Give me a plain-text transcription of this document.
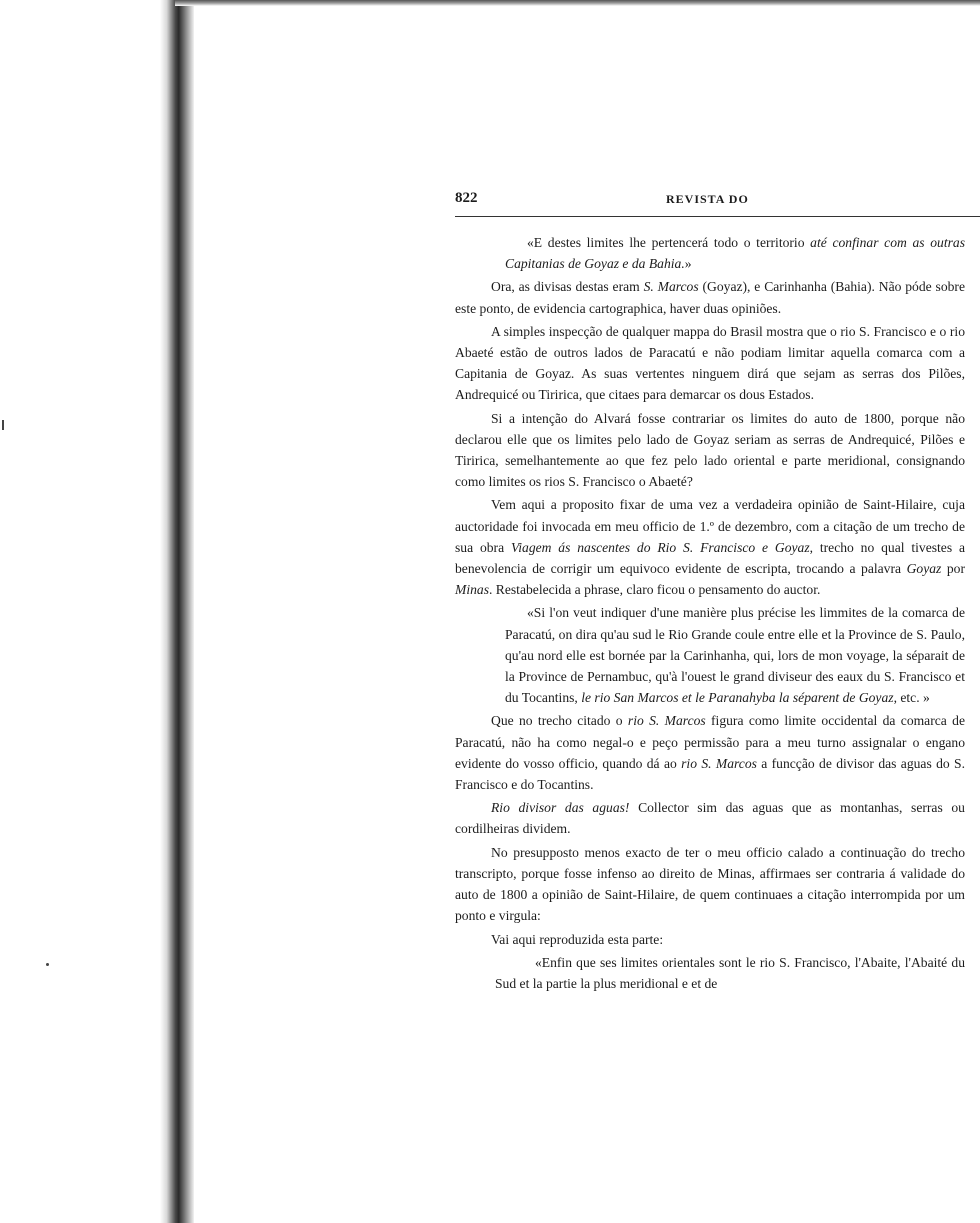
822	REVISTA DO

«E destes limites lhe pertencerá todo o territorio até confinar com as outras Capitanias de Goyaz e da Bahia.»

Ora, as divisas destas eram S. Marcos (Goyaz), e Carinhanha (Bahia). Não póde sobre este ponto, de evidencia cartographica, haver duas opiniões.

A simples inspecção de qualquer mappa do Brasil mostra que o rio S. Francisco e o rio Abaeté estão de outros lados de Paracatú e não podiam limitar aquella comarca com a Capitania de Goyaz. As suas vertentes ninguem dirá que sejam as serras dos Pilões, Andrequicé ou Tiririca, que citaes para demarcar os dous Estados.

Si a intenção do Alvará fosse contrariar os limites do auto de 1800, porque não declarou elle que os limites pelo lado de Goyaz seriam as serras de Andrequicé, Pilões e Tiririca, semelhantemente ao que fez pelo lado oriental e parte meridional, consignando como limites os rios S. Francisco o Abaeté?

Vem aqui a proposito fixar de uma vez a verdadeira opinião de Saint-Hilaire, cuja auctoridade foi invocada em meu officio de 1.º de dezembro, com a citação de um trecho de sua obra Viagem ás nascentes do Rio S. Francisco e Goyaz, trecho no qual tivestes a benevolencia de corrigir um equivoco evidente de escripta, trocando a palavra Goyaz por Minas. Restabelecida a phrase, claro ficou o pensamento do auctor.

«Si l'on veut indiquer d'une manière plus précise les limmites de la comarca de Paracatú, on dira qu'au sud le Rio Grande coule entre elle et la Province de S. Paulo, qu'au nord elle est bornée par la Carinhanha, qui, lors de mon voyage, la séparait de la Province de Pernambuc, qu'à l'ouest le grand diviseur des eaux du S. Francisco et du Tocantins, le rio San Marcos et le Paranahyba la séparent de Goyaz, etc. »

Que no trecho citado o rio S. Marcos figura como limite occidental da comarca de Paracatú, não ha como negal-o e peço permissão para a meu turno assignalar o engano evidente do vosso officio, quando dá ao rio S. Marcos a funcção de divisor das aguas do S. Francisco e do Tocantins.

Rio divisor das aguas! Collector sim das aguas que as montanhas, serras ou cordilheiras dividem.

No presupposto menos exacto de ter o meu officio calado a continuação do trecho transcripto, porque fosse infenso ao direito de Minas, affirmaes ser contraria á validade do auto de 1800 a opinião de Saint-Hilaire, de quem continuaes a citação interrompida por um ponto e virgula:

Vai aqui reproduzida esta parte:

«Enfin que ses limites orientales sont le rio S. Francisco, l'Abaite, l'Abaité du Sud et la partie la plus meridional e et de
